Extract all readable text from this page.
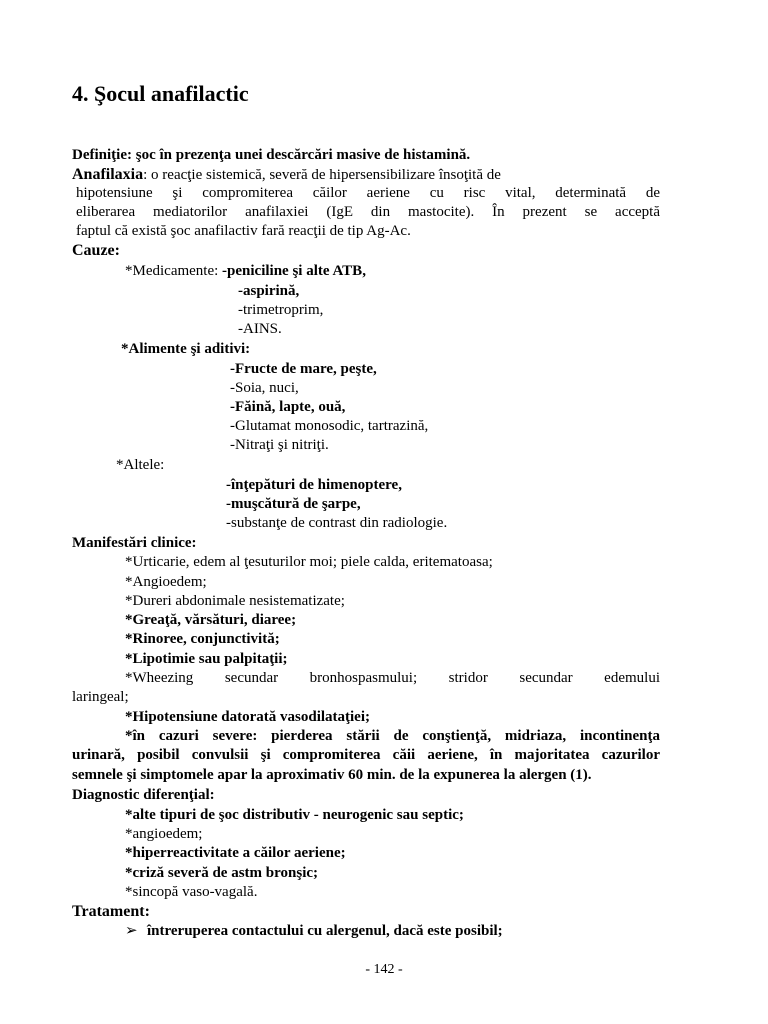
4. Şocul anafilactic
Definiţie: şoc în prezenţa unei descărcări masive de histamină.
Anafilaxia: o reacţie sistemică, severă de hipersensibilizare însoţită de
hipotensiune şi compromiterea căilor aeriene cu risc vital, determinată de
eliberarea mediatorilor anafilaxiei (IgE din mastocite). În prezent se acceptă
faptul că există şoc anafilactiv fară reacţii de tip Ag-Ac.
Cauze:
*Medicamente: -peniciline şi alte ATB,
-aspirină,
-trimetroprim,
-AINS.
*Alimente şi aditivi:
-Fructe de mare, peşte,
-Soia, nuci,
-Făină, lapte, ouă,
-Glutamat monosodic, tartrazină,
-Nitraţi şi nitriţi.
*Altele:
-înţepături de himenoptere,
-muşcătură de şarpe,
-substanţe de contrast din radiologie.
Manifestări clinice:
*Urticarie, edem al ţesuturilor moi; piele calda, eritematoasa;
*Angioedem;
*Dureri abdonimale nesistematizate;
*Greaţă, vărsături, diaree;
*Rinoree, conjunctivită;
*Lipotimie sau palpitaţii;
*Wheezing secundar bronhospasmului; stridor secundar edemului
laringeal;
*Hipotensiune datorată vasodilataţiei;
*în cazuri severe: pierderea stării de conştienţă, midriaza, incontinenţa
urinară, posibil convulsii şi compromiterea căii aeriene, în majoritatea cazurilor
semnele şi simptomele apar la aproximativ 60 min. de la expunerea la alergen (1).
Diagnostic diferenţial:
*alte tipuri de şoc distributiv - neurogenic sau septic;
*angioedem;
*hiperreactivitate a căilor aeriene;
*criză severă de astm bronşic;
*sincopă vaso-vagală.
Tratament:
➢ întreruperea contactului cu alergenul, dacă este posibil;
- 142 -
